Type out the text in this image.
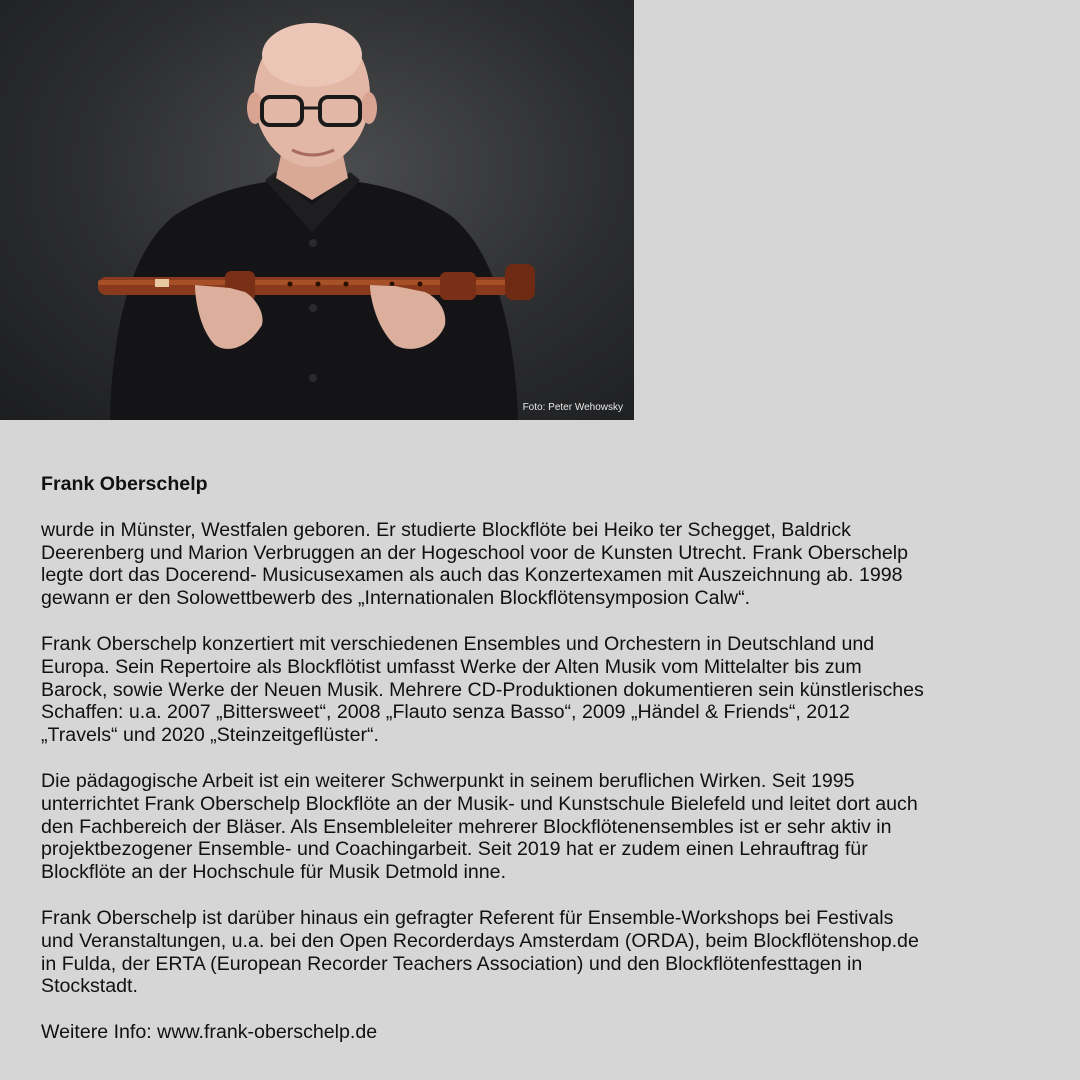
Foto: Peter Wehowsky
Frank Oberschelp
wurde in Münster, Westfalen geboren. Er studierte Blockflöte bei Heiko ter Schegget, Baldrick
Deerenberg und Marion Verbruggen an der Hogeschool voor de Kunsten Utrecht. Frank Oberschelp
legte dort das Docerend- Musicusexamen als auch das Konzertexamen mit Auszeichnung ab. 1998
gewann er den Solowettbewerb des „Internationalen Blockflötensymposion Calw“.
Frank Oberschelp konzertiert mit verschiedenen Ensembles und Orchestern in Deutschland und
Europa. Sein Repertoire als Blockflötist umfasst Werke der Alten Musik vom Mittelalter bis zum
Barock, sowie Werke der Neuen Musik. Mehrere CD-Produktionen dokumentieren sein künstlerisches
Schaffen: u.a. 2007 „Bittersweet“, 2008 „Flauto senza Basso“, 2009 „Händel & Friends“, 2012
„Travels“ und 2020 „Steinzeitgeflüster“.
Die pädagogische Arbeit ist ein weiterer Schwerpunkt in seinem beruflichen Wirken. Seit 1995
unterrichtet Frank Oberschelp Blockflöte an der Musik- und Kunstschule Bielefeld und leitet dort auch
den Fachbereich der Bläser. Als Ensembleleiter mehrerer Blockflötenensembles ist er sehr aktiv in
projektbezogener Ensemble- und Coachingarbeit. Seit 2019 hat er zudem einen Lehrauftrag für
Blockflöte an der Hochschule für Musik Detmold inne.
Frank Oberschelp ist darüber hinaus ein gefragter Referent für Ensemble-Workshops bei Festivals
und Veranstaltungen, u.a. bei den Open Recorderdays Amsterdam (ORDA), beim Blockflötenshop.de
in Fulda, der ERTA (European Recorder Teachers Association) und den Blockflötenfesttagen in
Stockstadt.
Weitere Info: www.frank-oberschelp.de
